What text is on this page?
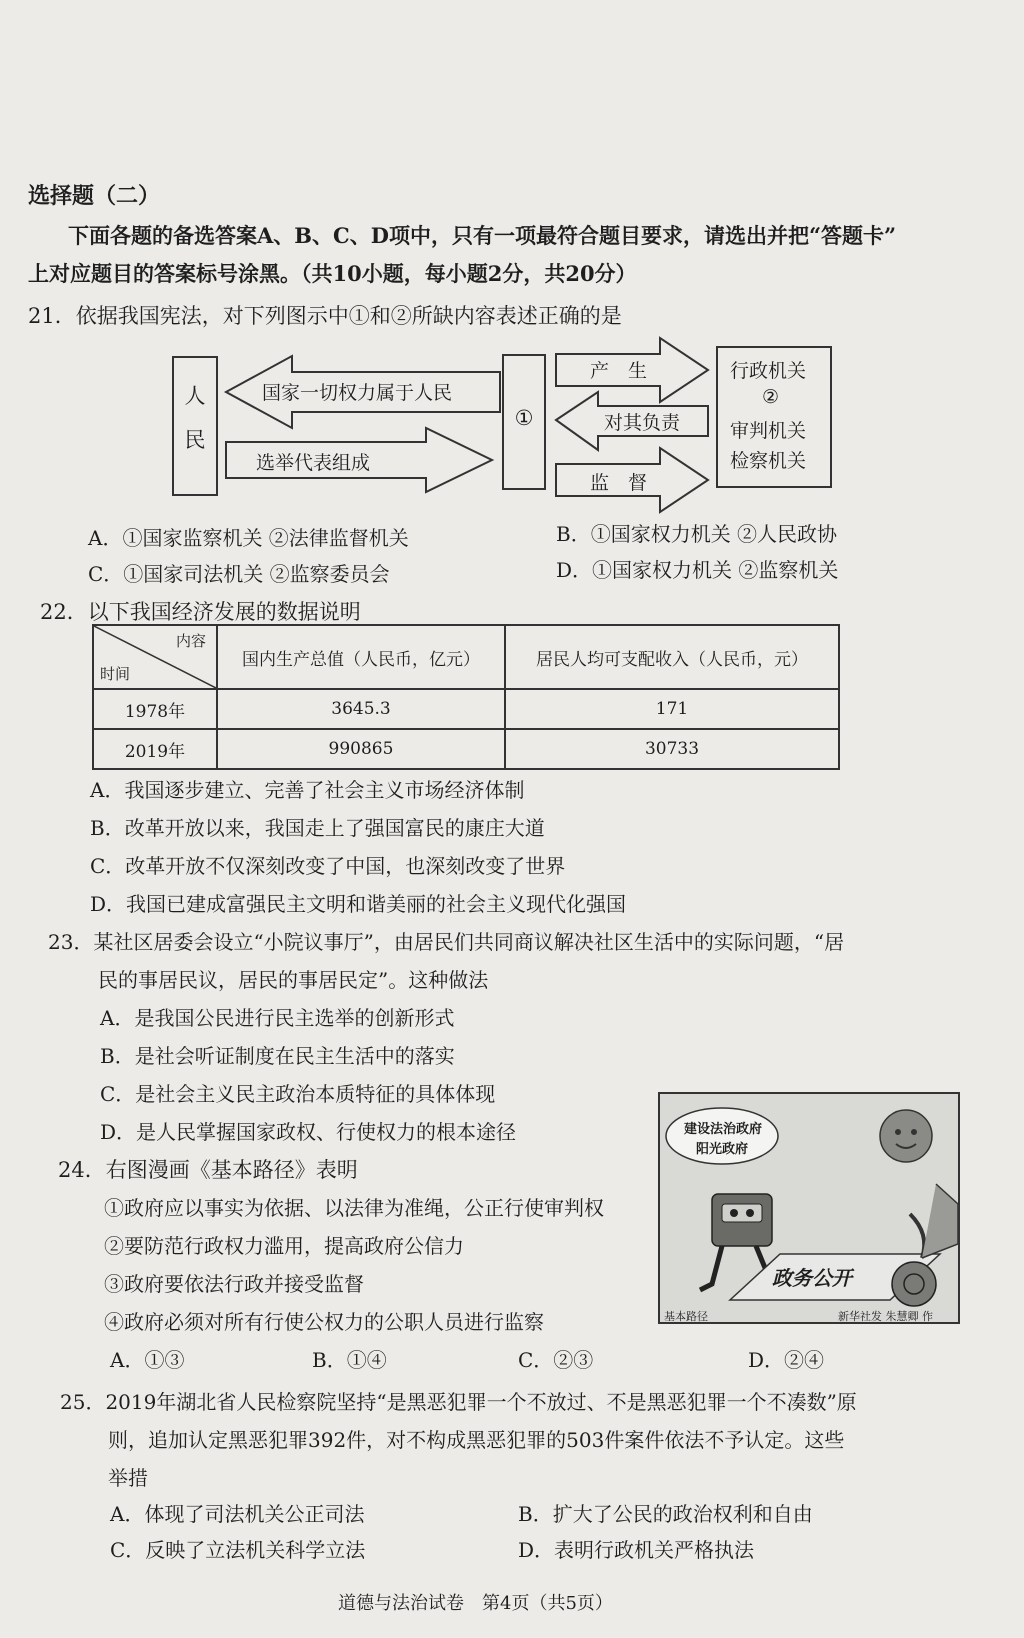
选择题（二）
下面各题的备选答案A、B、C、D项中，只有一项最符合题目要求，请选出并把“答题卡”
上对应题目的答案标号涂黑。（共10小题，每小题2分，共20分）
21．依据我国宪法，对下列图示中①和②所缺内容表述正确的是
人
民
国家一切权力属于人民
选举代表组成
①
产　生
对其负责
监　督
行政机关
②
审判机关
检察机关
A．①国家监察机关 ②法律监督机关	B．①国家权力机关 ②人民政协
C．①国家司法机关 ②监察委员会	D．①国家权力机关 ②监察机关
22．以下我国经济发展的数据说明
内容
时间	国内生产总值（人民币，亿元）	居民人均可支配收入（人民币，元）
1978年	3645.3	171
2019年	990865	30733
A．我国逐步建立、完善了社会主义市场经济体制
B．改革开放以来，我国走上了强国富民的康庄大道
C．改革开放不仅深刻改变了中国，也深刻改变了世界
D．我国已建成富强民主文明和谐美丽的社会主义现代化强国
23．某社区居委会设立“小院议事厅”，由居民们共同商议解决社区生活中的实际问题，“居
民的事居民议，居民的事居民定”。这种做法
A．是我国公民进行民主选举的创新形式
B．是社会听证制度在民主生活中的落实
C．是社会主义民主政治本质特征的具体体现
D．是人民掌握国家政权、行使权力的根本途径
24．右图漫画《基本路径》表明
①政府应以事实为依据、以法律为准绳，公正行使审判权
②要防范行政权力滥用，提高政府公信力
③政府要依法行政并接受监督
④政府必须对所有行使公权力的公职人员进行监察
A．①③	B．①④	C．②③	D．②④
建设法治政府
阳光政府
政务公开
基本路径	新华社发 朱慧卿 作
25．2019年湖北省人民检察院坚持“是黑恶犯罪一个不放过、不是黑恶犯罪一个不凑数”原
则，追加认定黑恶犯罪392件，对不构成黑恶犯罪的503件案件依法不予认定。这些
举措
A．体现了司法机关公正司法	B．扩大了公民的政治权利和自由
C．反映了立法机关科学立法	D．表明行政机关严格执法
道德与法治试卷　第4页（共5页）
